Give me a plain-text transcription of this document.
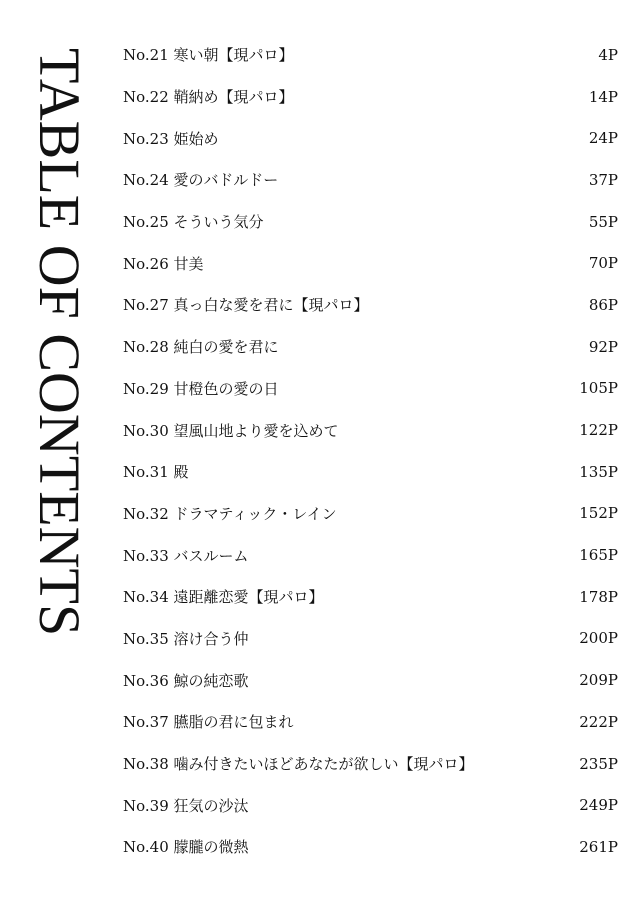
TABLE OF CONTENTS	No.21 寒い朝【現パロ】	4P
No.22 鞘納め【現パロ】	14P
No.23 姫始め	24P
No.24 愛のバドルドー	37P
No.25 そういう気分	55P
No.26 甘美	70P
No.27 真っ白な愛を君に【現パロ】	86P
No.28 純白の愛を君に	92P
No.29 甘橙色の愛の日	105P
No.30 望風山地より愛を込めて	122P
No.31 殿	135P
No.32 ドラマティック・レイン	152P
No.33 バスルーム	165P
No.34 遠距離恋愛【現パロ】	178P
No.35 溶け合う仲	200P
No.36 鯨の純恋歌	209P
No.37 臙脂の君に包まれ	222P
No.38 噛み付きたいほどあなたが欲しい【現パロ】	235P
No.39 狂気の沙汰	249P
No.40 朦朧の微熱	261P
